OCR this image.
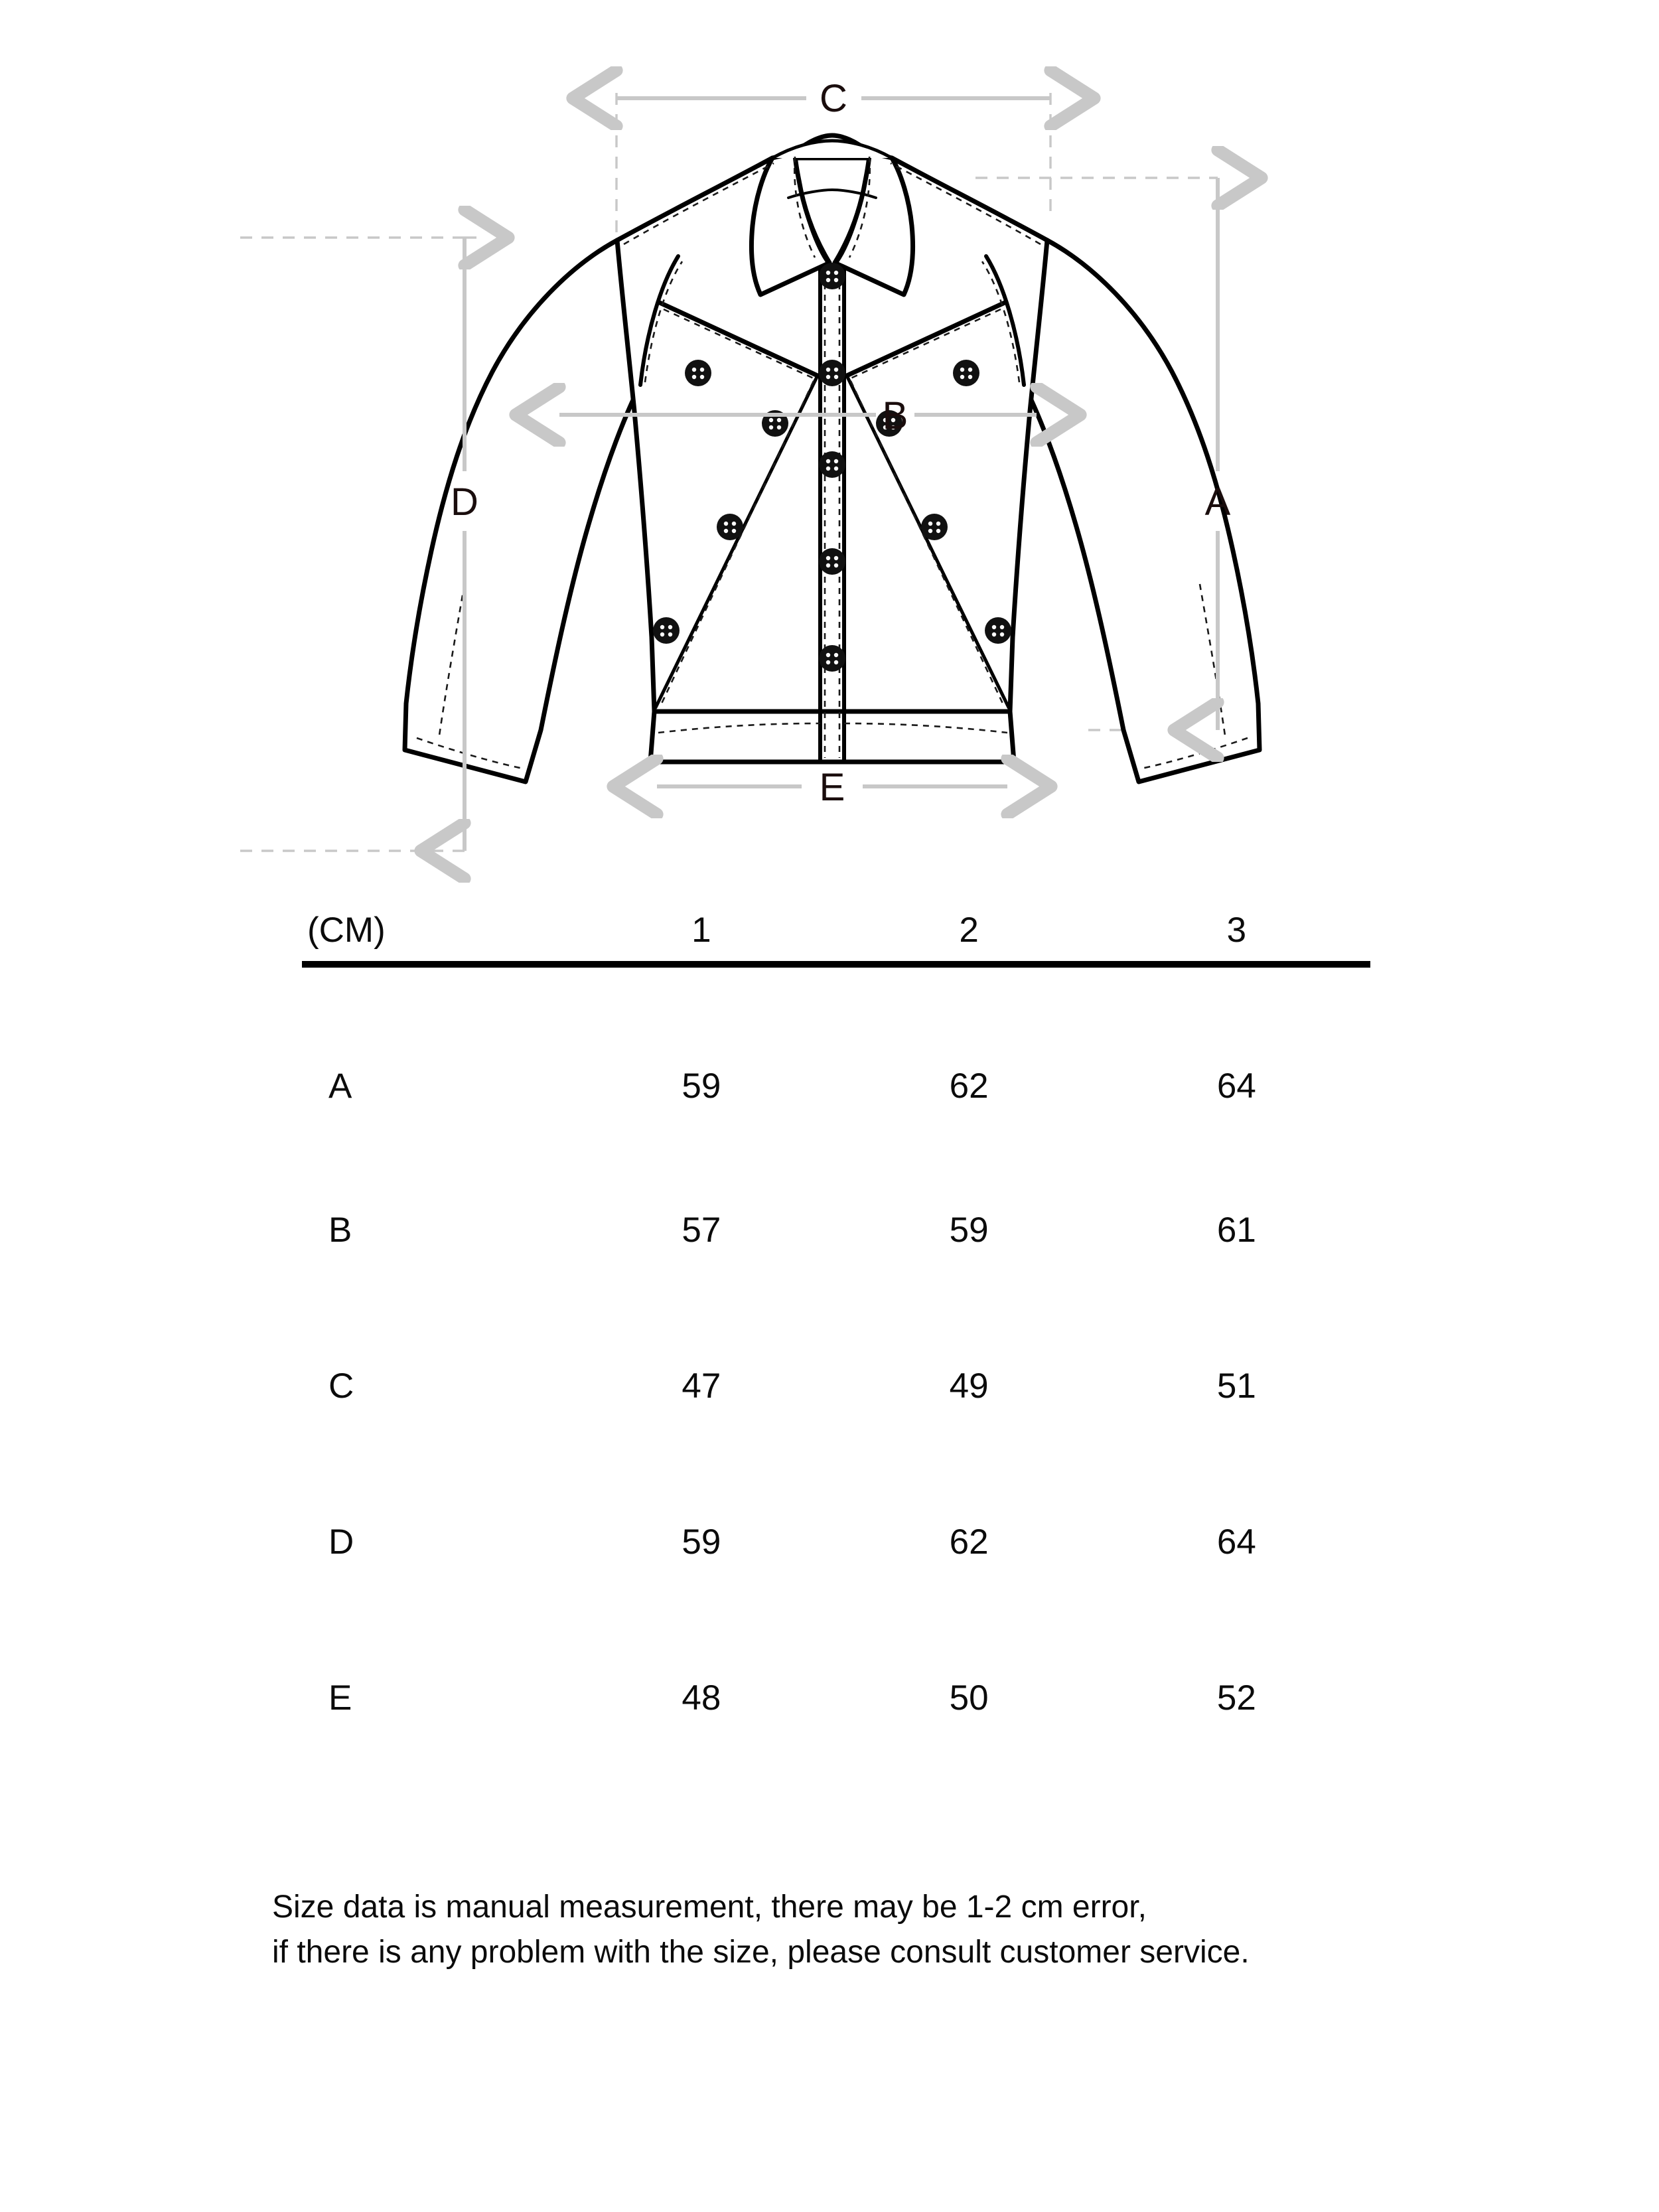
C
B
E
A
D
(CM)	1	2	3
A	59	62	64
B	57	59	61
C	47	49	51
D	59	62	64
E	48	50	52
Size data is manual measurement, there may be 1-2 cm error,
if there is any problem with the size, please consult customer service.
